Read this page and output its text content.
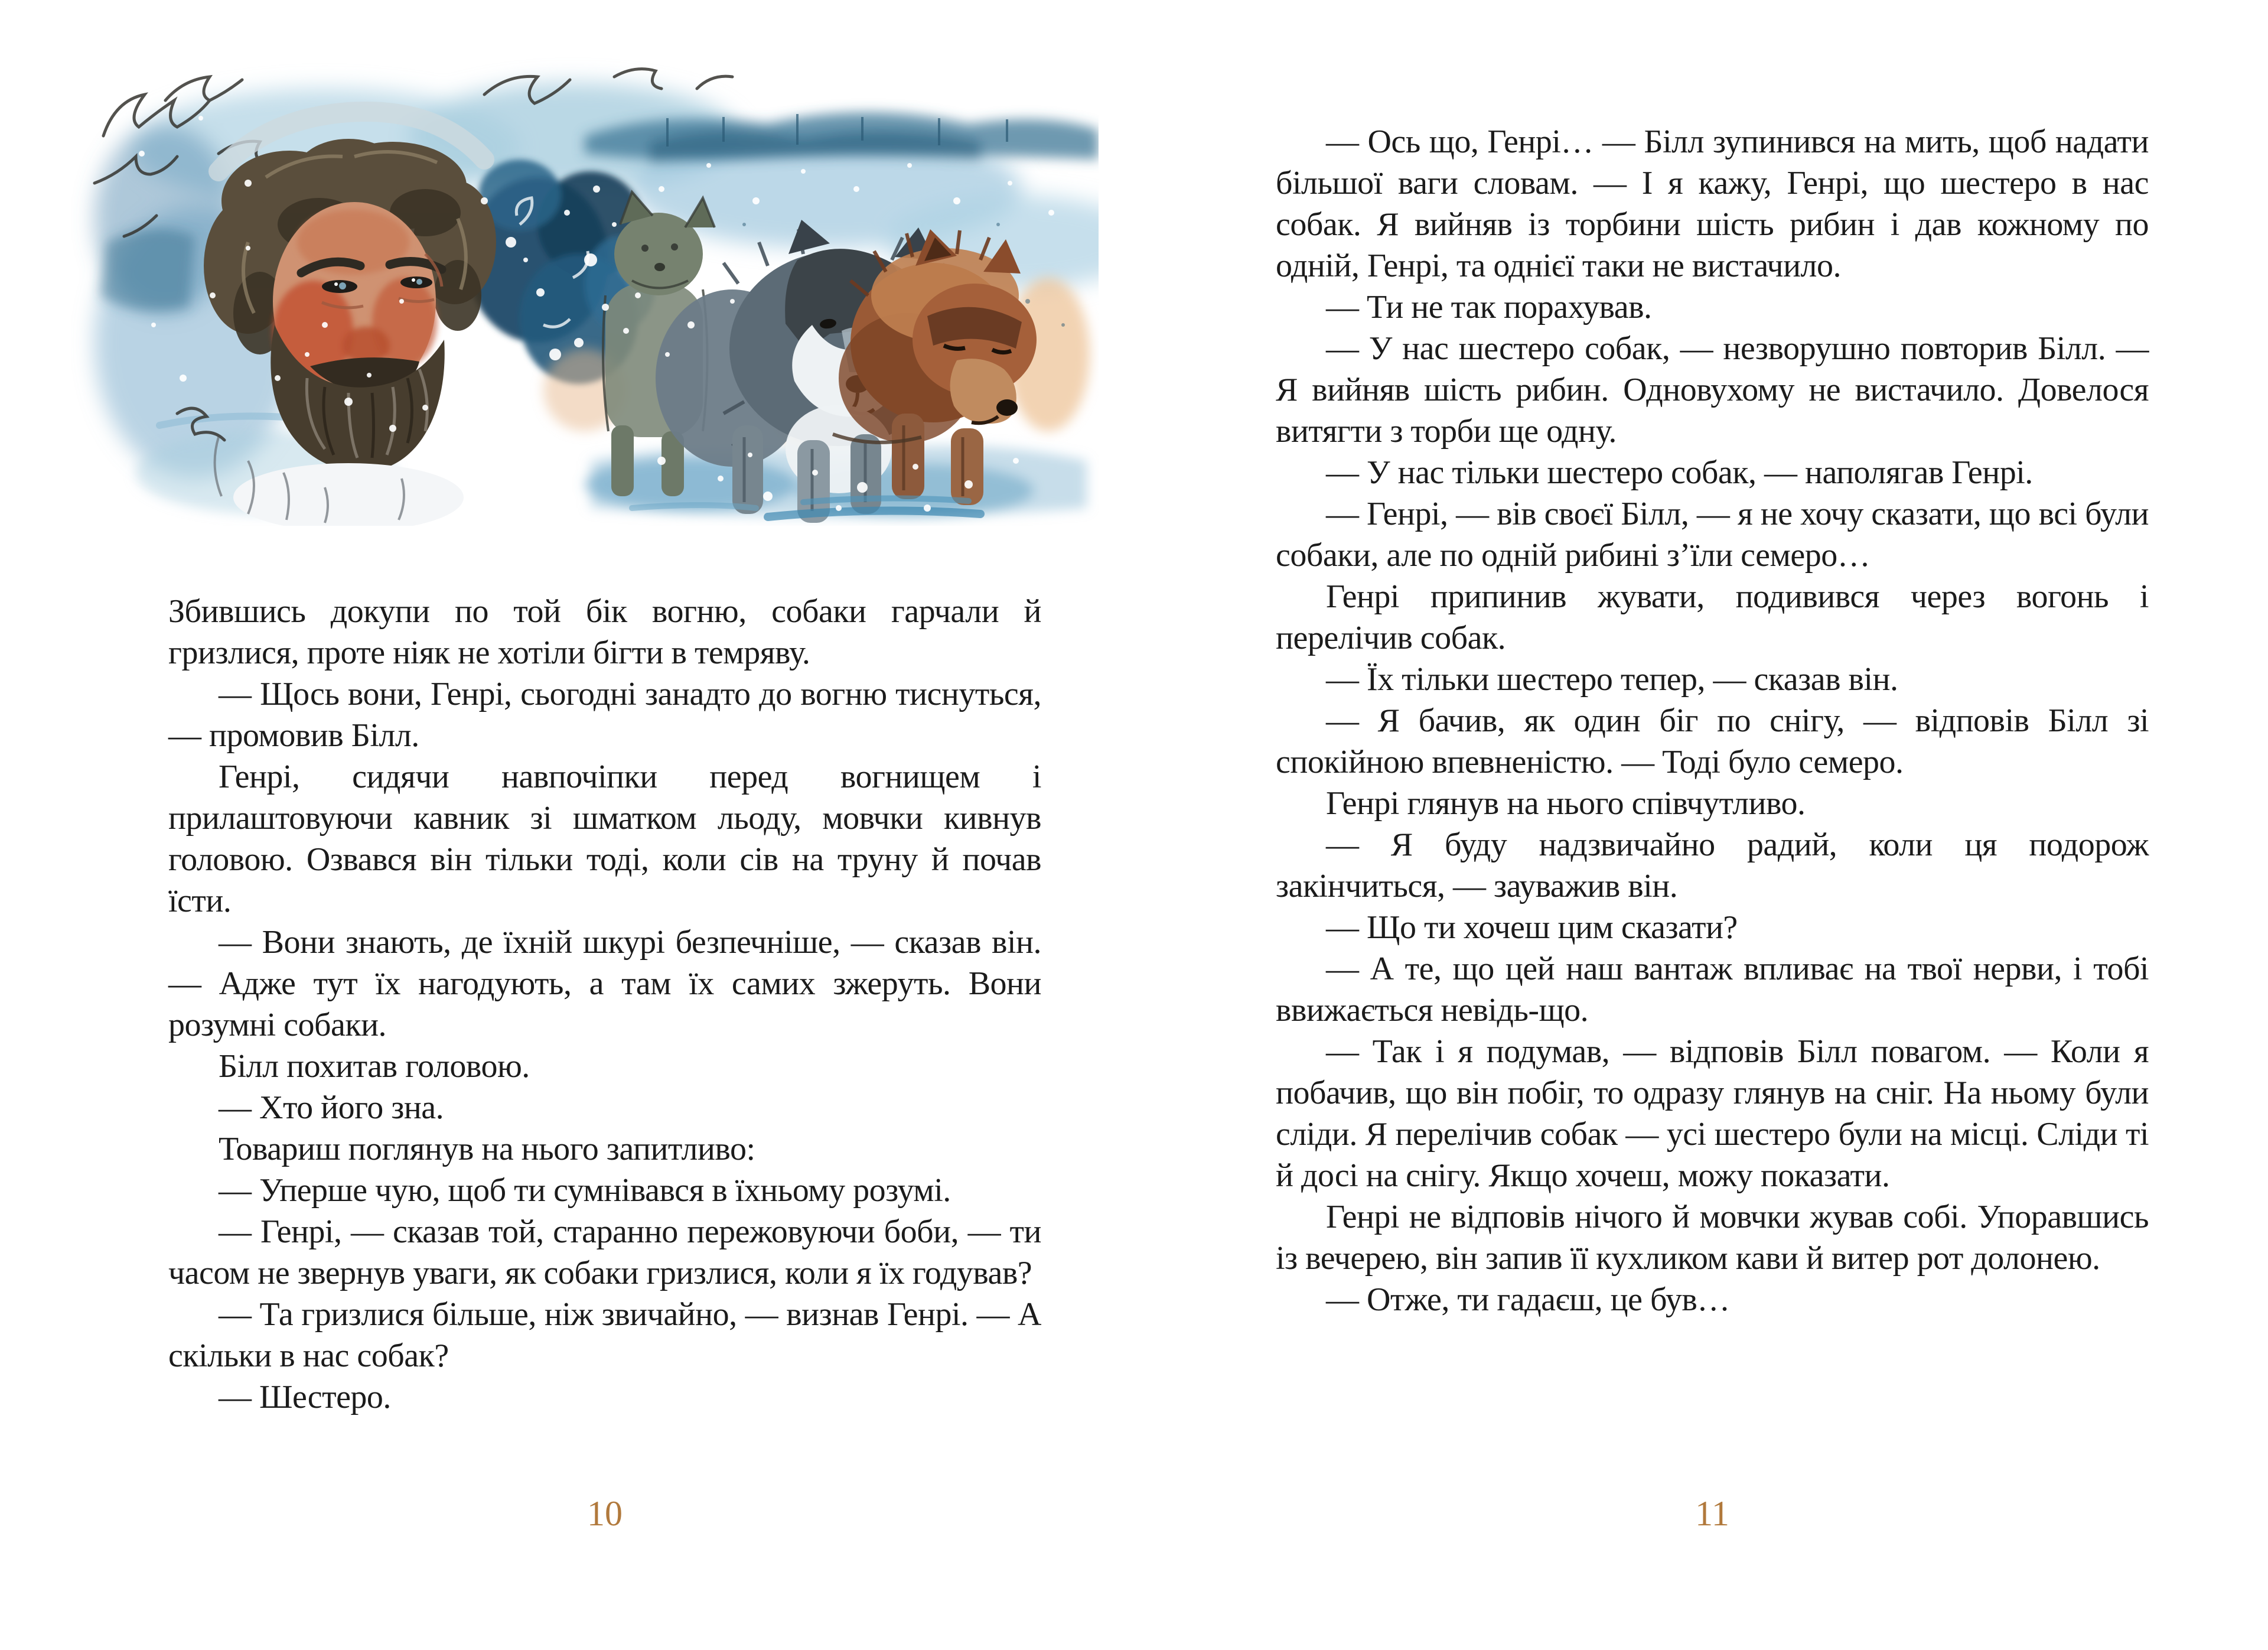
Збившись докупи по той бік вогню, собаки гарчали й гризлися, проте ніяк не хотіли бігти в темряву.

— Щось вони, Генрі, сьогодні занадто до вогню тиснуться, — промовив Білл.

Генрі, сидячи навпочіпки перед вогнищем і прилаштовуючи кавник зі шматком льоду, мовчки кивнув головою. Озвався він тільки тоді, коли сів на труну й почав їсти.

— Вони знають, де їхній шкурі безпечніше, — сказав він. — Адже тут їх нагодують, а там їх самих зжеруть. Вони розумні собаки.

Білл похитав головою.

— Хто його зна.

Товариш поглянув на нього запитливо:

— Уперше чую, щоб ти сумнівався в їхньому розумі.

— Генрі, — сказав той, старанно пережовуючи боби, — ти часом не звернув уваги, як собаки гризлися, коли я їх годував?

— Та гризлися більше, ніж звичайно, — визнав Генрі. — А скільки в нас собак?

— Шестеро.

— Ось що, Генрі… — Білл зупинився на мить, щоб надати більшої ваги словам. — І я кажу, Генрі, що шестеро в нас собак. Я вийняв із торбини шість рибин і дав кожному по одній, Генрі, та однієї таки не вистачило.

— Ти не так порахував.

— У нас шестеро собак, — незворушно повторив Білл. — Я вийняв шість рибин. Одновухому не вистачило. Довелося витягти з торби ще одну.

— У нас тільки шестеро собак, — наполягав Генрі.

— Генрі, — вів своєї Білл, — я не хочу сказати, що всі були собаки, але по одній рибині з’їли семеро…

Генрі припинив жувати, подивився через вогонь і перелічив собак.

— Їх тільки шестеро тепер, — сказав він.

— Я бачив, як один біг по снігу, — відповів Білл зі спокійною впевненістю. — Тоді було семеро.

Генрі глянув на нього співчутливо.

— Я буду надзвичайно радий, коли ця подорож закінчиться, — зауважив він.

— Що ти хочеш цим сказати?

— А те, що цей наш вантаж впливає на твої нерви, і тобі ввижається невідь-що.

— Так і я подумав, — відповів Білл повагом. — Коли я побачив, що він побіг, то одразу глянув на сніг. На ньому були сліди. Я перелічив собак — усі шестеро були на місці. Сліди ті й досі на снігу. Якщо хочеш, можу показати.

Генрі не відповів нічого й мовчки жував собі. Упоравшись із вечерею, він запив її кухликом кави й витер рот долонею.

— Отже, ти гадаєш, це був…

10	11
